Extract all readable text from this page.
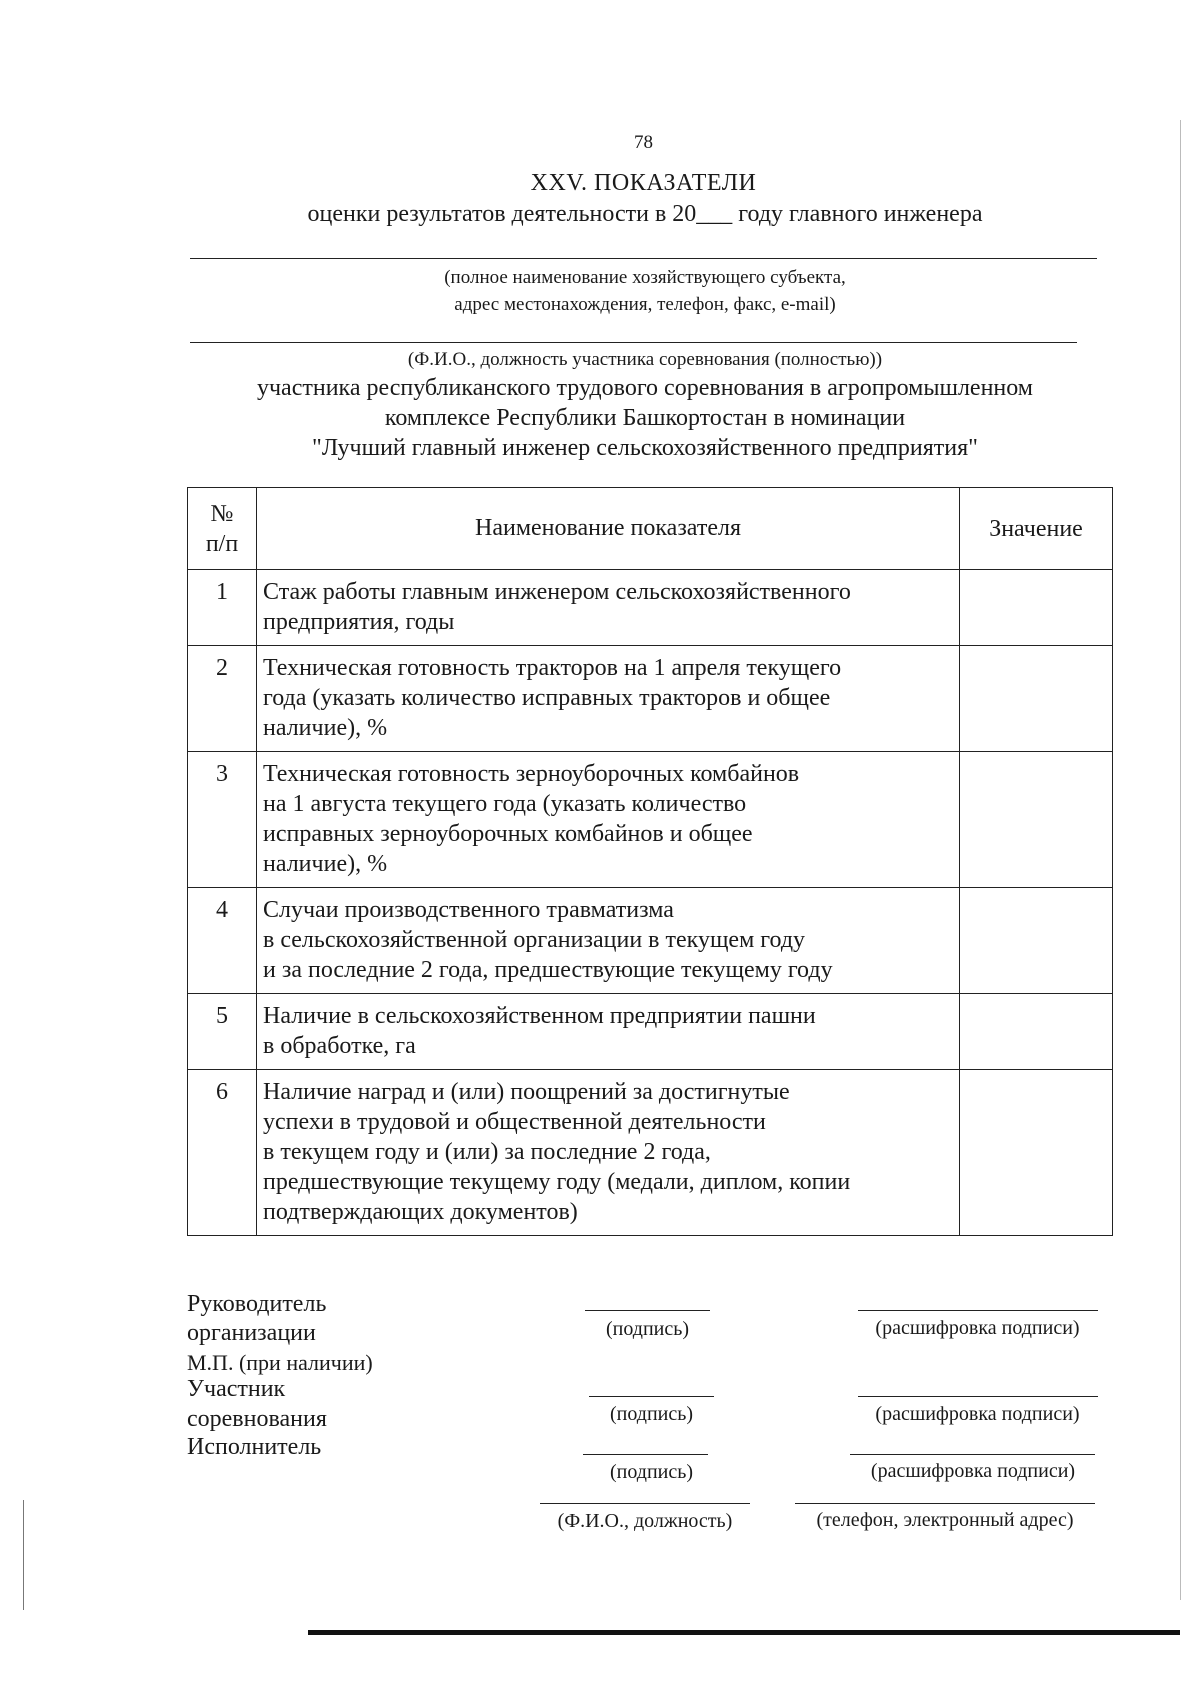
78
XXV. ПОКАЗАТЕЛИ
оценки результатов деятельности в 20___ году главного инженера
(полное наименование хозяйствующего субъекта,
адрес местонахождения, телефон, факс, e-mail)
(Ф.И.О., должность участника соревнования (полностью))
участника республиканского трудового соревнования в агропромышленном
комплексе Республики Башкортостан в номинации
"Лучший главный инженер сельскохозяйственного предприятия"
№
п/п	Наименование показателя	Значение
1	Стаж работы главным инженером сельскохозяйственного
предприятия, годы	

2	Техническая готовность тракторов на 1 апреля текущего
года (указать количество исправных тракторов и общее
наличие), %	

3	Техническая готовность зерноуборочных комбайнов
на 1 августа текущего года (указать количество
исправных зерноуборочных комбайнов и общее
наличие), %	

4	Случаи производственного травматизма
в сельскохозяйственной организации в текущем году
и за последние 2 года, предшествующие текущему году	

5	Наличие в сельскохозяйственном предприятии пашни
в обработке, га	

6	Наличие наград и (или) поощрений за достигнутые
успехи в трудовой и общественной деятельности
в текущем году и (или) за последние 2 года,
предшествующие текущему году (медали, диплом, копии
подтверждающих документов)	

Руководитель
организации
М.П. (при наличии)
Участник
соревнования
Исполнитель
(подпись)	(расшифровка подписи)
(подпись)	(расшифровка подписи)
(подпись)	(расшифровка подписи)
(Ф.И.О., должность)	(телефон, электронный адрес)
